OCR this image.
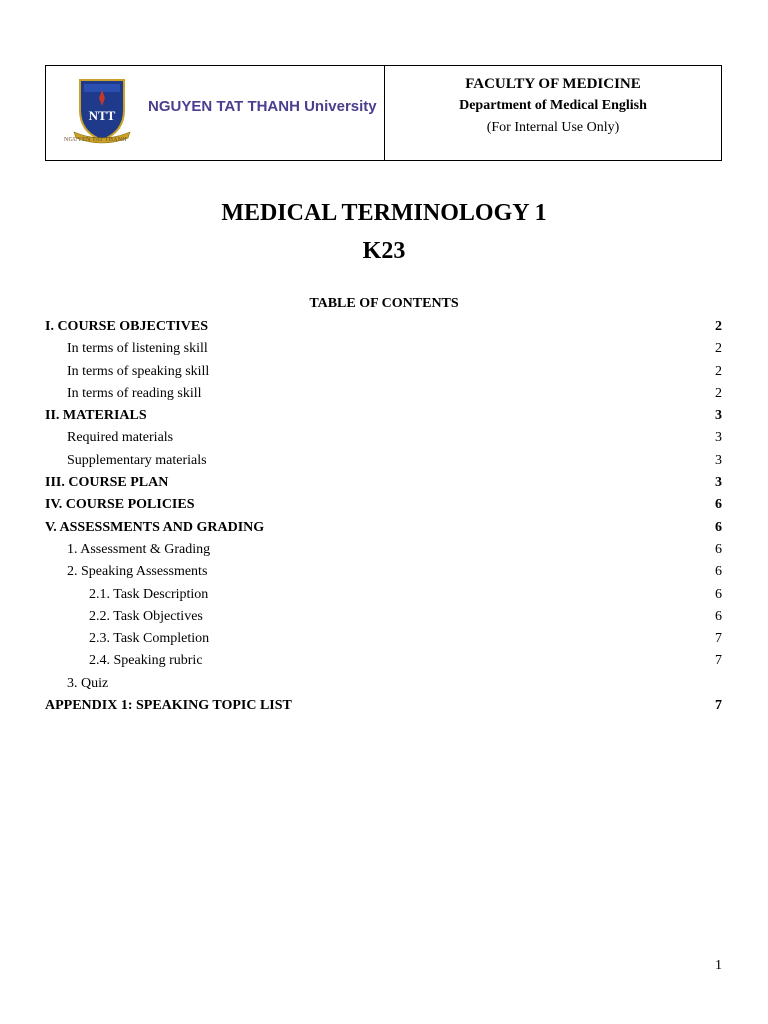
NTT
NGUYEN TAT THANH
NGUYEN TAT THANH University
FACULTY OF MEDICINE
Department of Medical English
(For Internal Use Only)
MEDICAL TERMINOLOGY 1
K23
TABLE OF CONTENTS
I. COURSE OBJECTIVES	2
In terms of listening skill	2
In terms of speaking skill	2
In terms of reading skill	2
II. MATERIALS	3
Required materials	3
Supplementary materials	3
III. COURSE PLAN	3
IV. COURSE POLICIES	6
V. ASSESSMENTS AND GRADING	6
1. Assessment & Grading	6
2. Speaking Assessments	6
2.1. Task Description	6
2.2. Task Objectives	6
2.3. Task Completion	7
2.4. Speaking rubric	7
3. Quiz
APPENDIX 1: SPEAKING TOPIC LIST	7
1
